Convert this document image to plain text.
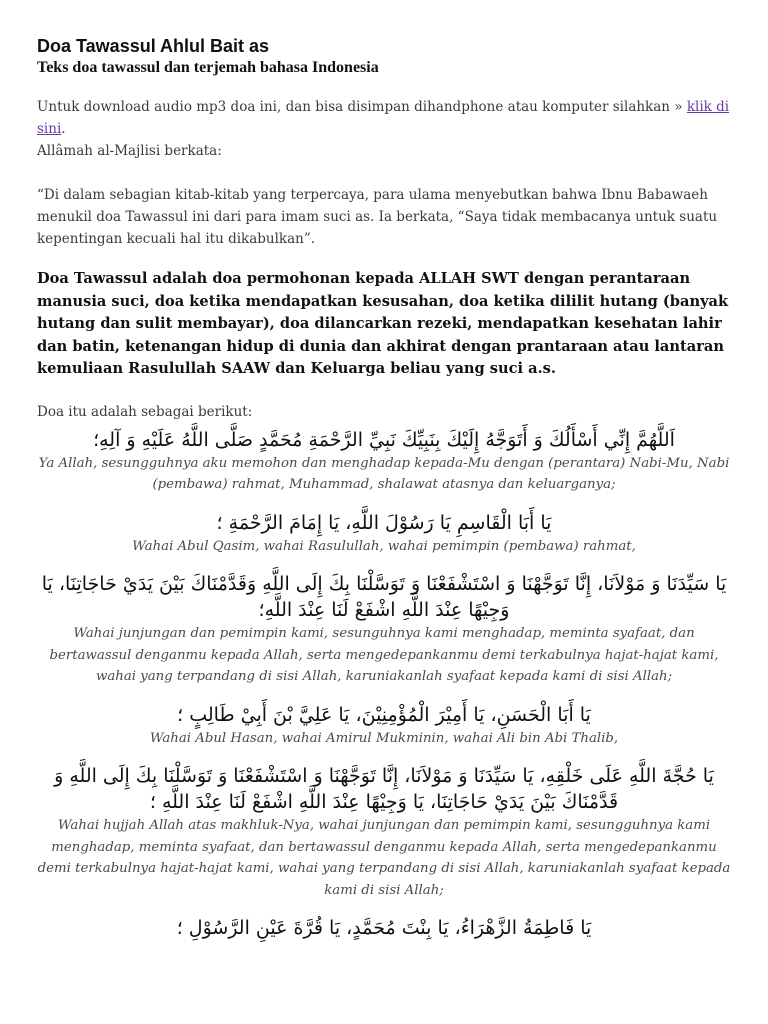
Doa Tawassul Ahlul Bait as
Teks doa tawassul dan terjemah bahasa Indonesia

Untuk download audio mp3 doa ini, dan bisa disimpan dihandphone atau komputer silahkan » klik di sini.

Allâmah al-Majlisi berkata:

“Di dalam sebagian kitab-kitab yang terpercaya, para ulama menyebutkan bahwa Ibnu Babawaeh menukil doa Tawassul ini dari para imam suci as. Ia berkata, “Saya tidak membacanya untuk suatu kepentingan kecuali hal itu dikabulkan”.

Doa Tawassul adalah doa permohonan kepada ALLAH SWT dengan perantaraan manusia suci, doa ketika mendapatkan kesusahan, doa ketika dililit hutang (banyak hutang dan sulit membayar), doa dilancarkan rezeki, mendapatkan kesehatan lahir dan batin, ketenangan hidup di dunia dan akhirat dengan prantaraan atau lantaran kemuliaan Rasulullah SAAW dan Keluarga beliau yang suci a.s.

Doa itu adalah sebagai berikut:

اَللَّهُمَّ إِنِّي أَسْأَلُكَ وَ أَتَوَجَّهُ إِلَيْكَ بِنَبِيِّكَ نَبِيِّ الرَّحْمَةِ مُحَمَّدٍ صَلَّى اللَّهُ عَلَيْهِ وَ آلِهِ؛

Ya Allah, sesungguhnya aku memohon dan menghadap kepada-Mu dengan (perantara) Nabi-Mu, Nabi (pembawa) rahmat, Muhammad, shalawat atasnya dan keluarganya;

يَا أَبَا الْقَاسِمِ يَا رَسُوْلَ اللَّهِ، يَا إِمَامَ الرَّحْمَةِ ؛

Wahai Abul Qasim, wahai Rasulullah, wahai pemimpin (pembawa) rahmat,

يَا سَيِّدَنَا وَ مَوْلاَنَا، إِنَّا تَوَجَّهْنَا وَ اسْتَشْفَعْنَا وَ تَوَسَّلْنَا بِكَ إِلَى اللَّهِ وَقَدَّمْنَاكَ بَيْنَ يَدَيْ حَاجَاتِنَا، يَا وَجِيْهًا عِنْدَ اللَّهِ اشْفَعْ لَنَا عِنْدَ اللَّهِ؛

Wahai junjungan dan pemimpin kami, sesunguhnya kami menghadap, meminta syafaat, dan bertawassul denganmu kepada Allah, serta mengedepankanmu demi terkabulnya hajat-hajat kami, wahai yang terpandang di sisi Allah, karuniakanlah syafaat kepada kami di sisi Allah;

يَا أَبَا الْحَسَنِ، يَا أَمِيْرَ الْمُؤْمِنِيْنَ، يَا عَلِيَّ بْنَ أَبِيْ طَالِبٍ ؛

Wahai Abul Hasan, wahai Amirul Mukminin, wahai Ali bin Abi Thalib,

يَا حُجَّةَ اللَّهِ عَلَى خَلْقِهِ، يَا سَيِّدَنَا وَ مَوْلاَنَا، إِنَّا تَوَجَّهْنَا وَ اسْتَشْفَعْنَا وَ تَوَسَّلْنَا بِكَ إِلَى اللَّهِ وَ قَدَّمْنَاكَ بَيْنَ يَدَيْ حَاجَاتِنَا، يَا وَجِيْهًا عِنْدَ اللَّهِ اشْفَعْ لَنَا عِنْدَ اللَّهِ ؛

Wahai hujjah Allah atas makhluk-Nya, wahai junjungan dan pemimpin kami, sesungguhnya kami menghadap, meminta syafaat, dan bertawassul denganmu kepada Allah, serta mengedepankanmu demi terkabulnya hajat-hajat kami, wahai yang terpandang di sisi Allah, karuniakanlah syafaat kepada kami di sisi Allah;

يَا فَاطِمَةُ الزَّهْرَاءُ، يَا بِنْتَ مُحَمَّدٍ، يَا قُرَّةَ عَيْنِ الرَّسُوْلِ ؛
